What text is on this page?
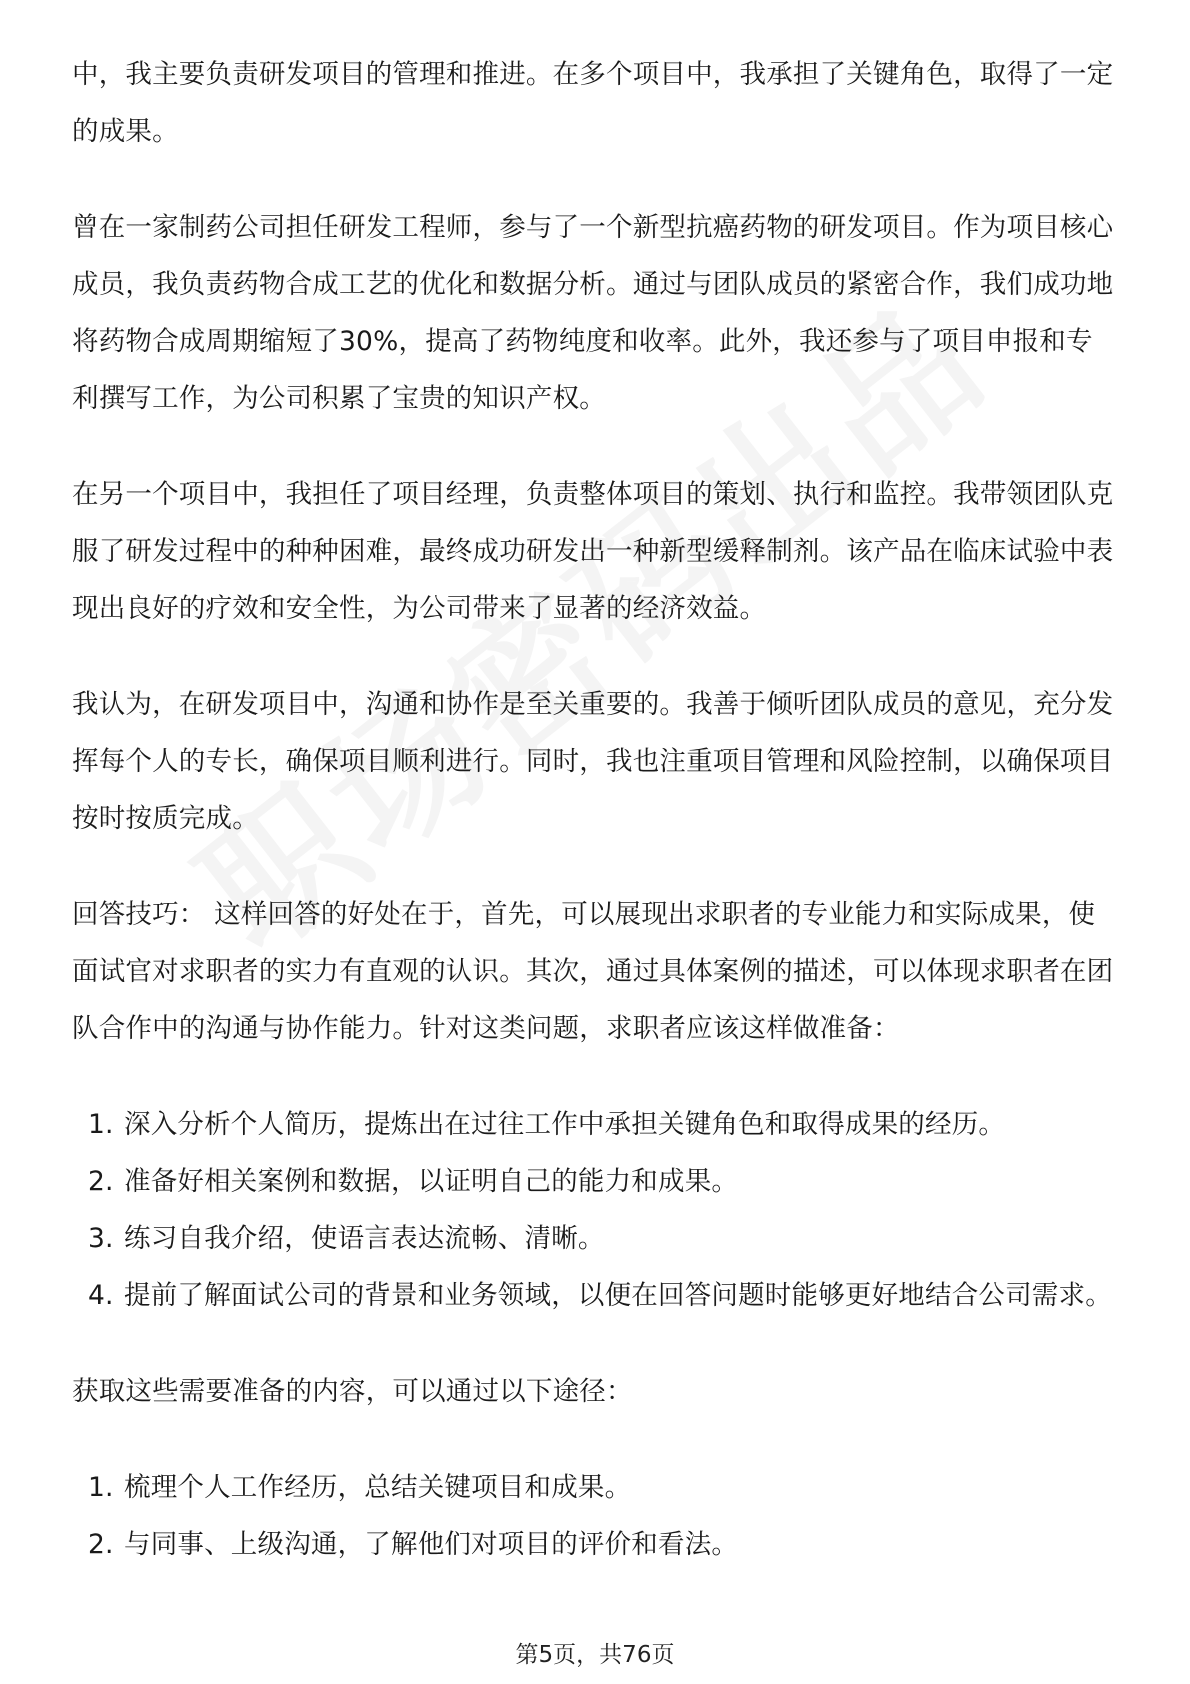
中，我主要负责研发项目的管理和推进。在多个项目中，我承担了关键角色，取得了一定的成果。

曾在一家制药公司担任研发工程师，参与了一个新型抗癌药物的研发项目。作为项目核心成员，我负责药物合成工艺的优化和数据分析。通过与团队成员的紧密合作，我们成功地将药物合成周期缩短了30%，提高了药物纯度和收率。此外，我还参与了项目申报和专利撰写工作，为公司积累了宝贵的知识产权。

在另一个项目中，我担任了项目经理，负责整体项目的策划、执行和监控。我带领团队克服了研发过程中的种种困难，最终成功研发出一种新型缓释制剂。该产品在临床试验中表现出良好的疗效和安全性，为公司带来了显著的经济效益。

我认为，在研发项目中，沟通和协作是至关重要的。我善于倾听团队成员的意见，充分发挥每个人的专长，确保项目顺利进行。同时，我也注重项目管理和风险控制，以确保项目按时按质完成。

回答技巧： 这样回答的好处在于，首先，可以展现出求职者的专业能力和实际成果，使面试官对求职者的实力有直观的认识。其次，通过具体案例的描述，可以体现求职者在团队合作中的沟通与协作能力。针对这类问题，求职者应该这样做准备：

1. 深入分析个人简历，提炼出在过往工作中承担关键角色和取得成果的经历。
2. 准备好相关案例和数据，以证明自己的能力和成果。
3. 练习自我介绍，使语言表达流畅、清晰。
4. 提前了解面试公司的背景和业务领域，以便在回答问题时能够更好地结合公司需求。

获取这些需要准备的内容，可以通过以下途径：

1. 梳理个人工作经历，总结关键项目和成果。
2. 与同事、上级沟通，了解他们对项目的评价和看法。
第5页，共76页
